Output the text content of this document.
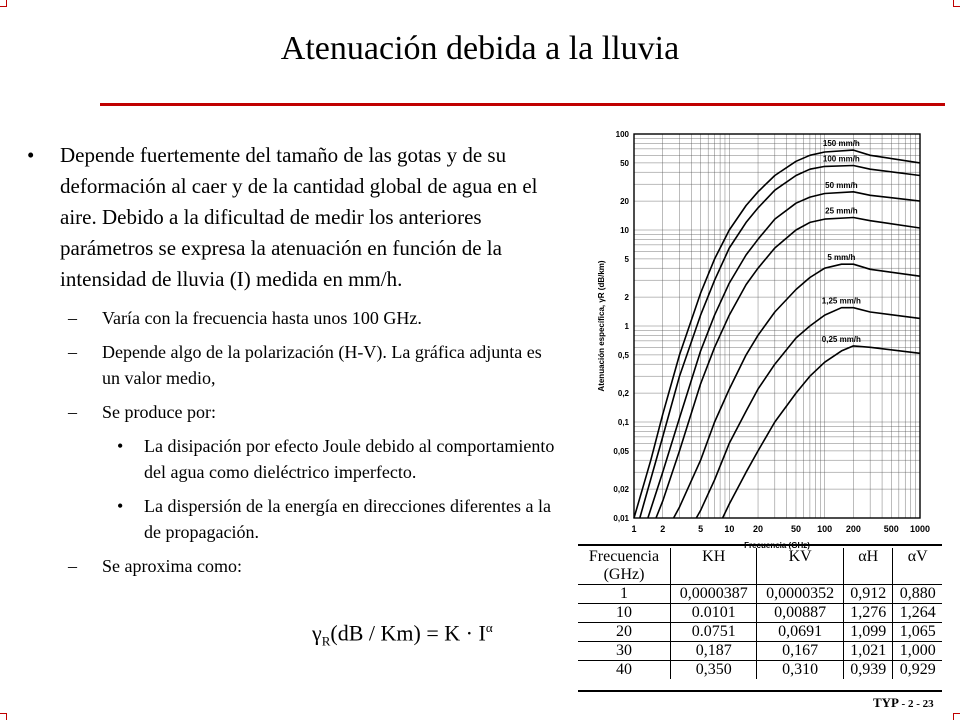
Atenuación debida a la lluvia
• Depende fuertemente del tamaño de las gotas y de su deformación al caer y de la cantidad global de agua en el aire. Debido a la dificultad de medir los anteriores parámetros se expresa la atenuación en función de la intensidad de lluvia (I) medida en mm/h.
– Varía con la frecuencia hasta unos 100 GHz.
– Depende algo de la polarización (H-V). La gráfica adjunta es un valor medio,
– Se produce por:
• La disipación por efecto Joule debido al comportamiento del agua como dieléctrico imperfecto.
• La dispersión de la energía en direcciones diferentes a la de propagación.
– Se aproxima como:
$\gamma_R(dB / Km) = K \cdot I^\alpha$
1	2	5 10 20	50 100 200	500 1000
0,01
0,02
0,05
0,1
0,2
0,5
1
2
5
10
20
50
100
Frecuencia (GHz)
Atenuación específica, γR (dB/km)
150 mm/h
100 mm/h
50 mm/h
25 mm/h
5 mm/h
1,25 mm/h
0,25 mm/h
Frecuencia (GHz)	KH	KV	αH	αV
1	0,0000387	0,0000352	0,912	0,880
10	0.0101	0,00887	1,276	1,264
20	0.0751	0,0691	1,099	1,065
30	0,187	0,167	1,021	1,000
40	0,350	0,310	0,939	0,929
TYP - 2 - 23
